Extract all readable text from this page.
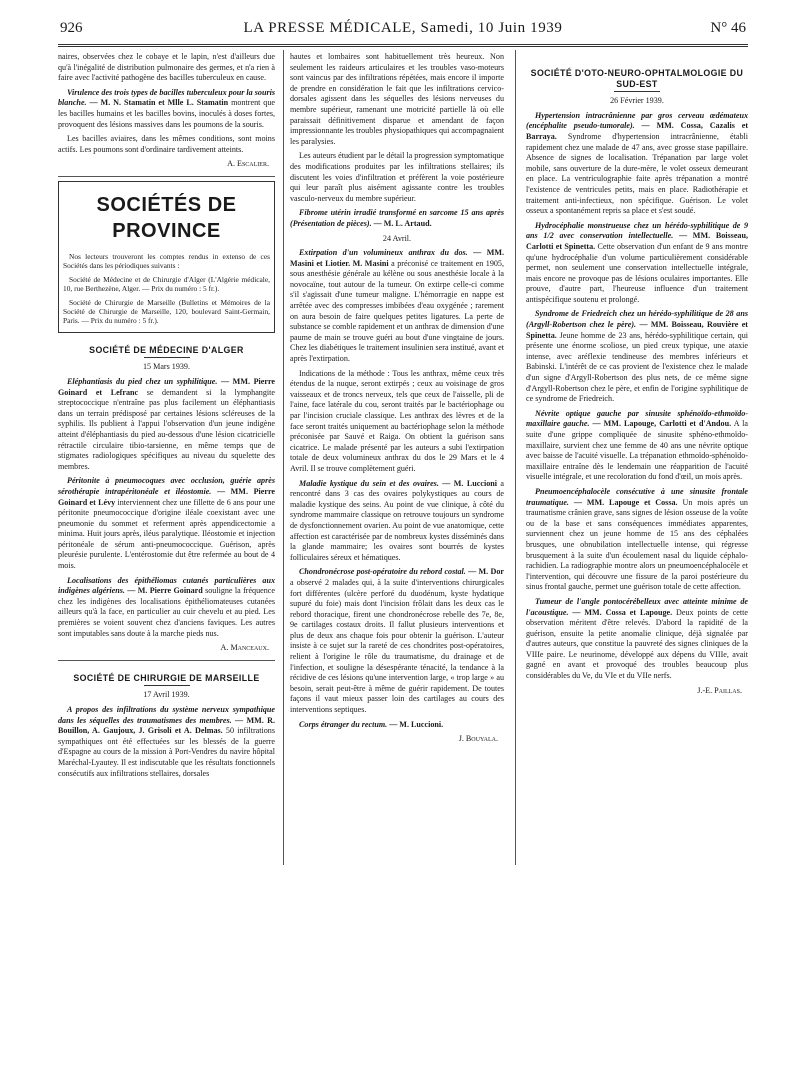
926	LA PRESSE MÉDICALE, Samedi, 10 Juin 1939	N° 46

naires, observées chez le cobaye et le lapin, n'est d'ailleurs due qu'à l'inégalité de distribution pulmonaire des germes, et n'a rien à faire avec l'activité pathogène des bacilles tuberculeux en cause.

Virulence des trois types de bacilles tuberculeux pour la souris blanche. — M. N. Stamatin et Mlle L. Stamatin montrent que les bacilles humains et les bacilles bovins, inoculés à doses fortes, provoquent des lésions massives dans les poumons de la souris.

Les bacilles aviaires, dans les mêmes conditions, sont moins actifs. Les poumons sont d'ordinaire tardivement atteints.

A. Escalier.

SOCIÉTÉS DE PROVINCE

Nos lecteurs trouveront les comptes rendus in extenso de ces Sociétés dans les périodiques suivants :

Société de Médecine et de Chirurgie d'Alger (L'Algérie médicale, 10, rue Berthezène, Alger. — Prix du numéro : 5 fr.).

Société de Chirurgie de Marseille (Bulletins et Mémoires de la Société de Chirurgie de Marseille, 120, boulevard Saint-Germain, Paris. — Prix du numéro : 5 fr.).

SOCIÉTÉ DE MÉDECINE D'ALGER

15 Mars 1939.

Eléphantiasis du pied chez un syphilitique. — MM. Pierre Goinard et Lefranc se demandent si la lymphangite streptococcique n'entraîne pas plus facilement un éléphantiasis dans un terrain prédisposé par certaines lésions scléreuses de la syphilis. Ils publient à l'appui l'observation d'un jeune indigène atteint d'éléphantiasis du pied au-dessous d'une lésion cicatricielle rétractile circulaire tibio-tarsienne, en même temps que de stigmates radiologiques spécifiques au niveau du squelette des membres.

Péritonite à pneumocoques avec occlusion, guérie après sérothérapie intrapéritonéale et iléostomie. — MM. Pierre Goinard et Lévy interviennent chez une fillette de 6 ans pour une péritonite pneumococcique d'origine iléale coexistant avec une pneumonie du sommet et referment après appendicectomie a minima. Huit jours après, iléus paralytique. Iléostomie et injection péritonéale de sérum anti-pneumococcique. Guérison, après pleurésie purulente. L'entérostomie dut être refermée au bout de 4 mois.

Localisations des épithéliomas cutanés particulières aux indigènes algériens. — M. Pierre Goinard souligne la fréquence chez les indigènes des localisations épithéliomateuses cutanées ailleurs qu'à la face, en particulier au cuir chevelu et au pied. Les premières se voient souvent chez d'anciens faviques. Les autres sont imputables sans doute à la marche pieds nus.

A. Manceaux.

SOCIÉTÉ DE CHIRURGIE DE MARSEILLE

17 Avril 1939.

A propos des infiltrations du système nerveux sympathique dans les séquelles des traumatismes des membres. — MM. R. Bouillon, A. Gaujoux, J. Grisoli et A. Delmas. 50 infiltrations sympathiques ont été effectuées sur les blessés de la guerre d'Espagne au cours de la mission à Port-Vendres du navire hôpital Maréchal-Lyautey. Il est indiscutable que les résultats fonctionnels consécutifs aux infiltrations stellaires, dorsales

hautes et lombaires sont habituellement très heureux. Non seulement les raideurs articulaires et les troubles vaso-moteurs sont vaincus par des infiltrations répétées, mais encore il importe de prendre en considération le fait que les infiltrations cervico-dorsales agissent dans les séquelles des lésions nerveuses du membre supérieur, ramenant une motricité partielle là où elle paraissait définitivement disparue et amendant de façon impressionnante les troubles physiopathiques qui accompagnaient les paralysies.

Les auteurs étudient par le détail la progression symptomatique des modifications produites par les infiltrations stellaires; ils discutent les voies d'infiltration et préfèrent la voie postérieure qui leur paraît plus aisément agissante contre les troubles vasculo-nerveux du membre supérieur.

Fibrome utérin irradié transformé en sarcome 15 ans après (Présentation de pièces). — M. L. Artaud.

24 Avril.

Extirpation d'un volumineux anthrax du dos. — MM. Masini et Liotier. M. Masini a préconisé ce traitement en 1905, sous anesthésie générale au kélène ou sous anesthésie locale à la novocaïne, tout autour de la tumeur. On extirpe celle-ci comme s'il s'agissait d'une tumeur maligne. L'hémorragie en nappe est arrêtée avec des compresses imbibées d'eau oxygénée ; rarement on aura besoin de faire quelques petites ligatures. La perte de substance se comble rapidement et un anthrax de dimension d'une paume de main se trouve guéri au bout d'une vingtaine de jours. Chez les diabétiques le traitement insulinien sera institué, avant et après l'extirpation.

Indications de la méthode : Tous les anthrax, même ceux très étendus de la nuque, seront extirpés ; ceux au voisinage de gros vaisseaux et de troncs nerveux, tels que ceux de l'aisselle, pli de l'aine, face latérale du cou, seront traités par le bactériophage ou par l'incision cruciale classique. Les anthrax des lèvres et de la face seront traités uniquement au bactériophage selon la méthode préconisée par Sauvé et Raiga. On obtient la guérison sans cicatrice. Le malade présenté par les auteurs a subi l'extirpation totale de deux volumineux anthrax du dos le 29 Mars et le 4 Avril. Il se trouve complètement guéri.

Maladie kystique du sein et des ovaires. — M. Luccioni a rencontré dans 3 cas des ovaires polykystiques au cours de maladie kystique des seins. Au point de vue clinique, à côté du syndrome mammaire classique on retrouve toujours un syndrome de dysfonctionnement ovarien. Au point de vue anatomique, cette affection est caractérisée par de nombreux kystes disséminés dans la glande mammaire; les ovaires sont bourrés de kystes folliculaires séreux et hématiques.

Chondronécrose post-opératoire du rebord costal. — M. Dor a observé 2 malades qui, à la suite d'interventions chirurgicales fort différentes (ulcère perforé du duodénum, kyste hydatique supuré du foie) mais dont l'incision frôlait dans les deux cas le rebord thoracique, firent une chondronécrose rebelle des 7e, 8e, 9e cartilages costaux droits. Il fallut plusieurs interventions et plus de deux ans chaque fois pour obtenir la guérison. L'auteur insiste à ce sujet sur la rareté de ces chondrites post-opératoires, relient à l'origine le rôle du traumatisme, du drainage et de l'infection, et souligne la désespérante ténacité, la tendance à la récidive de ces lésions qu'une intervention large, « trop large » au besoin, serait peut-être à même de guérir rapidement. De toutes façons il vaut mieux passer loin des cartilages au cours des interventions septiques.

Corps étranger du rectum. — M. Luccioni.

J. Bouyala.

SOCIÉTÉ D'OTO-NEURO-OPHTALMOLOGIE DU SUD-EST

26 Février 1939.

Hypertension intracrânienne par gros cerveau œdémateux (encéphalite pseudo-tumorale). — MM. Cossa, Cazalis et Barraya. Syndrome d'hypertension intracrânienne, établi rapidement chez une malade de 47 ans, avec grosse stase papillaire. Absence de signes de localisation. Trépanation par large volet mobile, sans ouverture de la dure-mère, le volet osseux demeurant en place. La ventriculographie faite après trépanation a montré l'existence de ventricules petits, mais en place. Radiothérapie et traitement anti-infectieux, non spécifique. Guérison. Le volet osseux a spontanément repris sa place et s'est soudé.

Hydrocéphalie monstrueuse chez un hérédo-syphilitique de 9 ans 1/2 avec conservation intellectuelle. — MM. Boisseau, Carlotti et Spinetta. Cette observation d'un enfant de 9 ans montre qu'une hydrocéphalie d'un volume particulièrement considérable permet, non seulement une conservation intellectuelle intégrale, mais encore ne provoque pas de lésions oculaires importantes. Elle prouve, d'autre part, l'heureuse influence d'un traitement antispécifique soutenu et prolongé.

Syndrome de Friedreich chez un hérédo-syphilitique de 28 ans (Argyll-Robertson chez le père). — MM. Boisseau, Rouvière et Spinetta. Jeune homme de 23 ans, hérédo-syphilitique certain, qui présente une énorme scoliose, un pied creux typique, une ataxie intense, avec aréflexie tendineuse des membres inférieurs et Babinski. L'intérêt de ce cas provient de l'existence chez le malade d'un signe d'Argyll-Robertson des plus nets, de ce même signe d'Argyll-Robertson chez le père, et enfin de l'origine syphilitique de ce syndrome de Friedreich.

Névrite optique gauche par sinusite sphénoïdo-ethmoïdo-maxillaire gauche. — MM. Lapouge, Carlotti et d'Andou. A la suite d'une grippe compliquée de sinusite sphéno-ethmoïdo-maxillaire, survient chez une femme de 40 ans une névrite optique avec baisse de l'acuité visuelle. La trépanation ethmoïdo-sphénoïdo-maxillaire entraîne dès le lendemain une réapparition de l'acuité visuelle intégrale, et une recoloration du fond d'œil, un mois après.

Pneumoencéphalocèle consécutive à une sinusite frontale traumatique. — MM. Lapouge et Cossa. Un mois après un traumatisme crânien grave, sans signes de lésion osseuse de la voûte ou de la base et sans conséquences immédiates apparentes, surviennent chez un jeune homme de 15 ans des céphalées brusques, une obnubilation intellectuelle intense, qui régresse brusquement à la suite d'un écoulement nasal du liquide céphalo-rachidien. La radiographie montre alors un pneumoencéphalocèle et l'intervention, qui découvre une fissure de la paroi postérieure du sinus frontal gauche, permet une guérison totale de cette affection.

Tumeur de l'angle pontocérébelleux avec atteinte minime de l'acoustique. — MM. Cossa et Lapouge. Deux points de cette observation méritent d'être relevés. D'abord la rapidité de la guérison, ensuite la petite anomalie clinique, déjà signalée par d'autres auteurs, que constitue la pauvreté des signes cliniques de la VIIIe paire. Le neurinome, développé aux dépens du VIIIe, avait gagné en avant et provoqué des troubles beaucoup plus considérables du Ve, du VIe et du VIIe nerfs.

J.-E. Paillas.
